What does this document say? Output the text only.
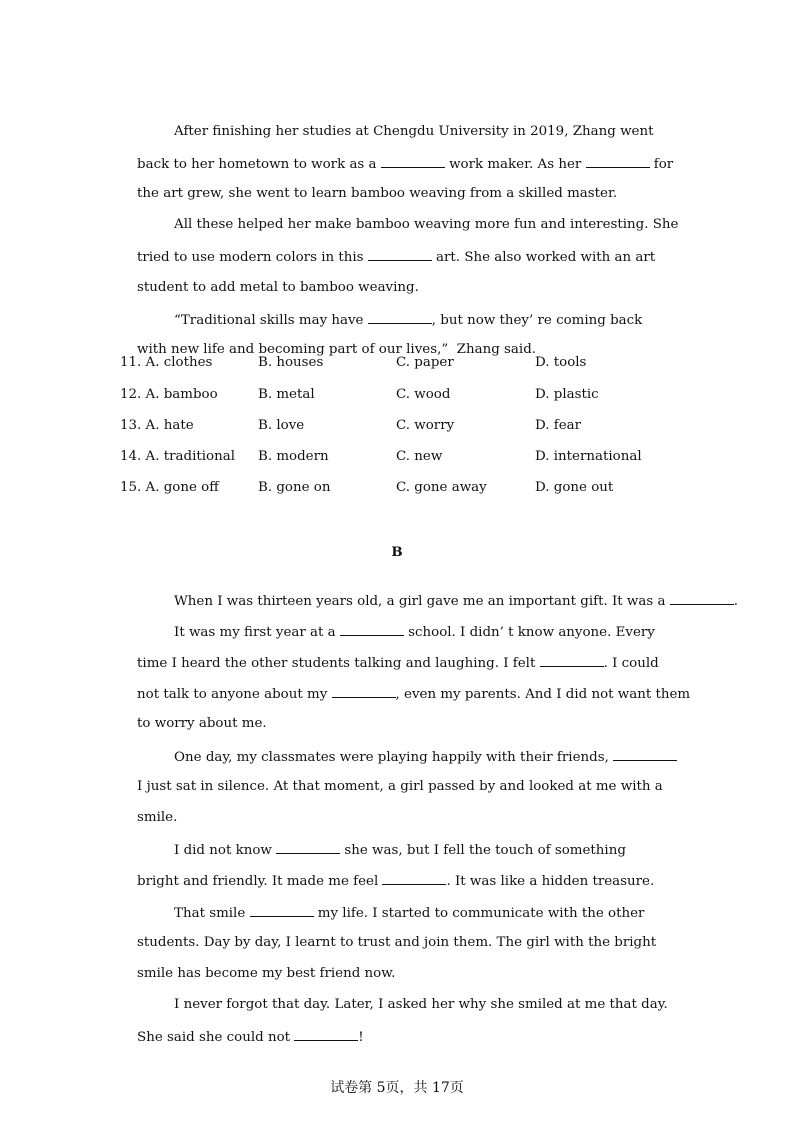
After finishing her studies at Chengdu University in 2019, Zhang went

back to her hometown to work as a	work maker. As her	for

the art grew, she went to learn bamboo weaving from a skilled master.

All these helped her make bamboo weaving more fun and interesting. She

tried to use modern colors in this	art. She also worked with an art

student to add metal to bamboo weaving.

“Traditional skills may have	, but now they’ re coming back

with new life and becoming part of our lives,”  Zhang said.

11. A. clothes	B. houses	C. paper	D. tools
12. A. bamboo	B. metal	C. wood	D. plastic
13. A. hate	B. love	C. worry	D. fear
14. A. traditional B. modern	C. new	D. international
15. A. gone off	B. gone on	C. gone away	D. gone out
B

When I was thirteen years old, a girl gave me an important gift. It was a	.

It was my first year at a	school. I didn’ t know anyone. Every

time I heard the other students talking and laughing. I felt	. I could

not talk to anyone about my	, even my parents. And I did not want them

to worry about me.

One day, my classmates were playing happily with their friends,

I just sat in silence. At that moment, a girl passed by and looked at me with a

smile.

I did not know	she was, but I fell the touch of something

bright and friendly. It made me feel	. It was like a hidden treasure.

That smile	my life. I started to communicate with the other

students. Day by day, I learnt to trust and join them. The girl with the bright

smile has become my best friend now.

I never forgot that day. Later, I asked her why she smiled at me that day.

She said she could not	!

试卷第 5页，共 17页
